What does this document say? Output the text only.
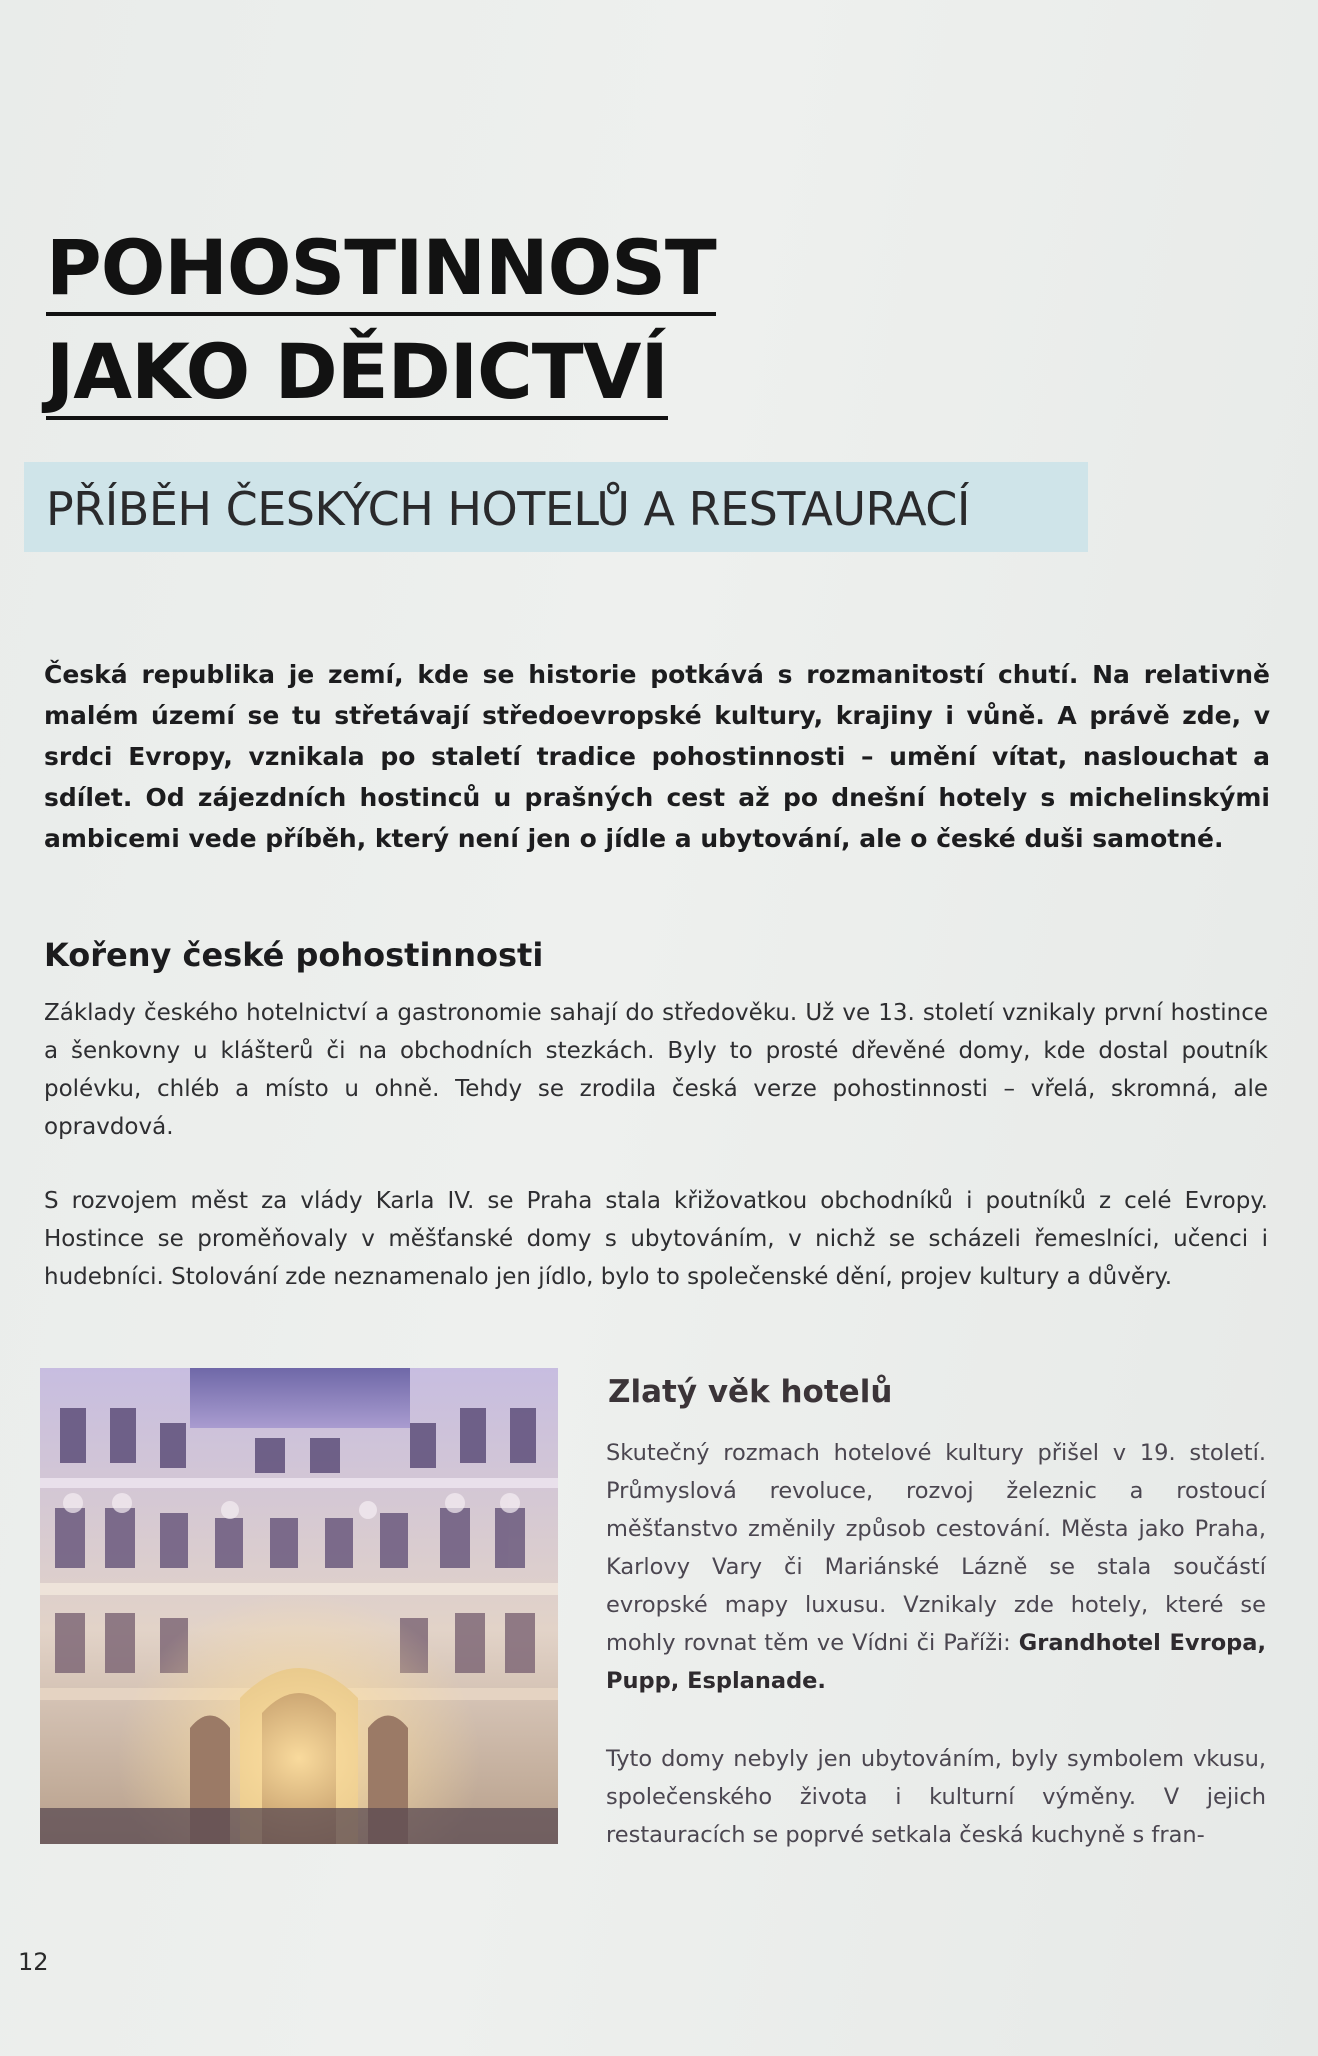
POHOSTINNOST
JAKO DĚDICTVÍ
PŘÍBĚH ČESKÝCH HOTELŮ A RESTAURACÍ

Česká republika je zemí, kde se historie potkává s rozmanitostí chutí. Na relativně malém území se tu střetávají středoevropské kultury, krajiny i vůně. A právě zde, v srdci Evropy, vznikala po staletí tradice pohostinnosti – umění vítat, naslouchat a sdílet. Od zájezdních hostinců u prašných cest až po dnešní hotely s michelinskými ambicemi vede příběh, který není jen o jídle a ubytování, ale o české duši samotné.

Kořeny české pohostinnosti

Základy českého hotelnictví a gastronomie sahají do středověku. Už ve 13. století vznikaly první hostince a šenkovny u klášterů či na obchodních stezkách. Byly to prosté dřevěné domy, kde dostal poutník polévku, chléb a místo u ohně. Tehdy se zrodila česká verze pohostinnosti – vřelá, skromná, ale opravdová.

S rozvojem měst za vlády Karla IV. se Praha stala křižovatkou obchodníků i poutníků z celé Evropy. Hostince se proměňovaly v měšťanské domy s ubytováním, v nichž se scházeli řemeslníci, učenci i hudebníci. Stolování zde neznamenalo jen jídlo, bylo to společenské dění, projev kultury a důvěry.

Zlatý věk hotelů

Skutečný rozmach hotelové kultury přišel v 19. století. Průmyslová revoluce, rozvoj železnic a rostoucí měšťanstvo změnily způsob cestování. Města jako Praha, Karlovy Vary či Mariánské Lázně se stala součástí evropské mapy luxusu. Vznikaly zde hotely, které se mohly rovnat těm ve Vídni či Paříži: Grandhotel Evropa, Pupp, Esplanade.

Tyto domy nebyly jen ubytováním, byly symbolem vkusu, společenského života i kulturní výměny. V jejich restauracích se poprvé setkala česká kuchyně s fran-

12
